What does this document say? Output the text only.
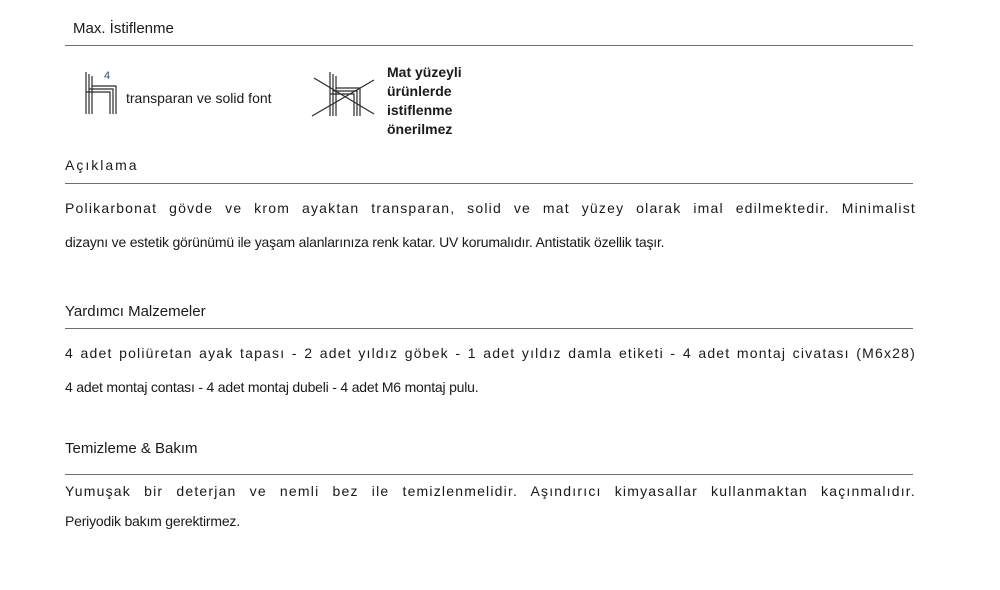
Max. İstiflenme
4
transparan ve solid font
Mat yüzeyli
ürünlerde
istiflenme
önerilmez
Açıklama
Polikarbonat gövde ve krom ayaktan transparan, solid ve mat yüzey olarak imal edilmektedir. Minimalist
dizaynı ve estetik görünümü ile yaşam alanlarınıza renk katar. UV korumalıdır. Antistatik özellik taşır.
Yardımcı Malzemeler
4 adet poliüretan ayak tapası - 2 adet yıldız göbek - 1 adet yıldız damla etiketi - 4 adet montaj civatası (M6x28)
4 adet montaj contası - 4 adet montaj dubeli - 4 adet M6 montaj pulu.
Temizleme & Bakım
Yumuşak bir deterjan ve nemli bez ile temizlenmelidir. Aşındırıcı kimyasallar kullanmaktan kaçınmalıdır.
Periyodik bakım gerektirmez.
